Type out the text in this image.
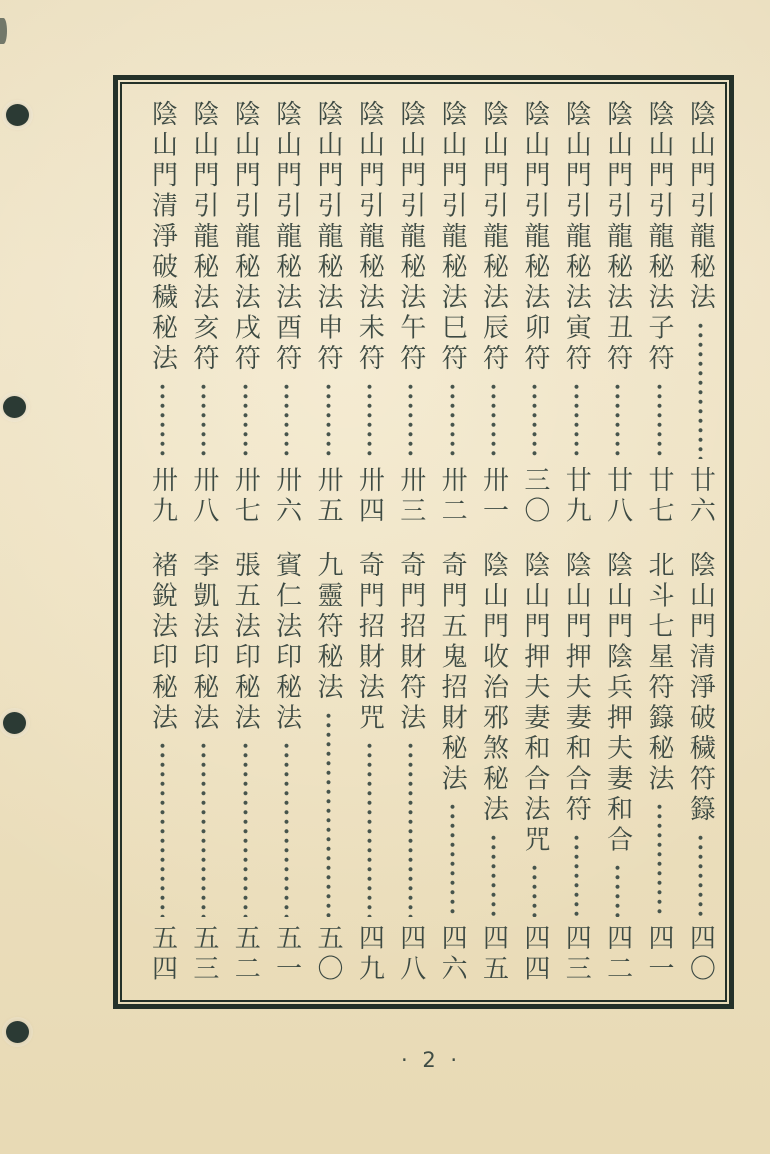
陰山門引龍秘法
廿六
陰山門引龍秘法子符
廿七
陰山門引龍秘法丑符
廿八
陰山門引龍秘法寅符
廿九
陰山門引龍秘法卯符
三〇
陰山門引龍秘法辰符
卅一
陰山門引龍秘法巳符
卅二
陰山門引龍秘法午符
卅三
陰山門引龍秘法未符
卅四
陰山門引龍秘法申符
卅五
陰山門引龍秘法酉符
卅六
陰山門引龍秘法戌符
卅七
陰山門引龍秘法亥符
卅八
陰山門清淨破穢秘法
卅九
陰山門清淨破穢符籙
四〇
北斗七星符籙秘法
四一
陰山門陰兵押夫妻和合
四二
陰山門押夫妻和合符
四三
陰山門押夫妻和合法咒
四四
陰山門收治邪煞秘法
四五
奇門五鬼招財秘法
四六
奇門招財符法
四八
奇門招財法咒
四九
九靈符秘法
五〇
賓仁法印秘法
五一
張五法印秘法
五二
李凱法印秘法
五三
褚銳法印秘法
五四
· 2 ·
